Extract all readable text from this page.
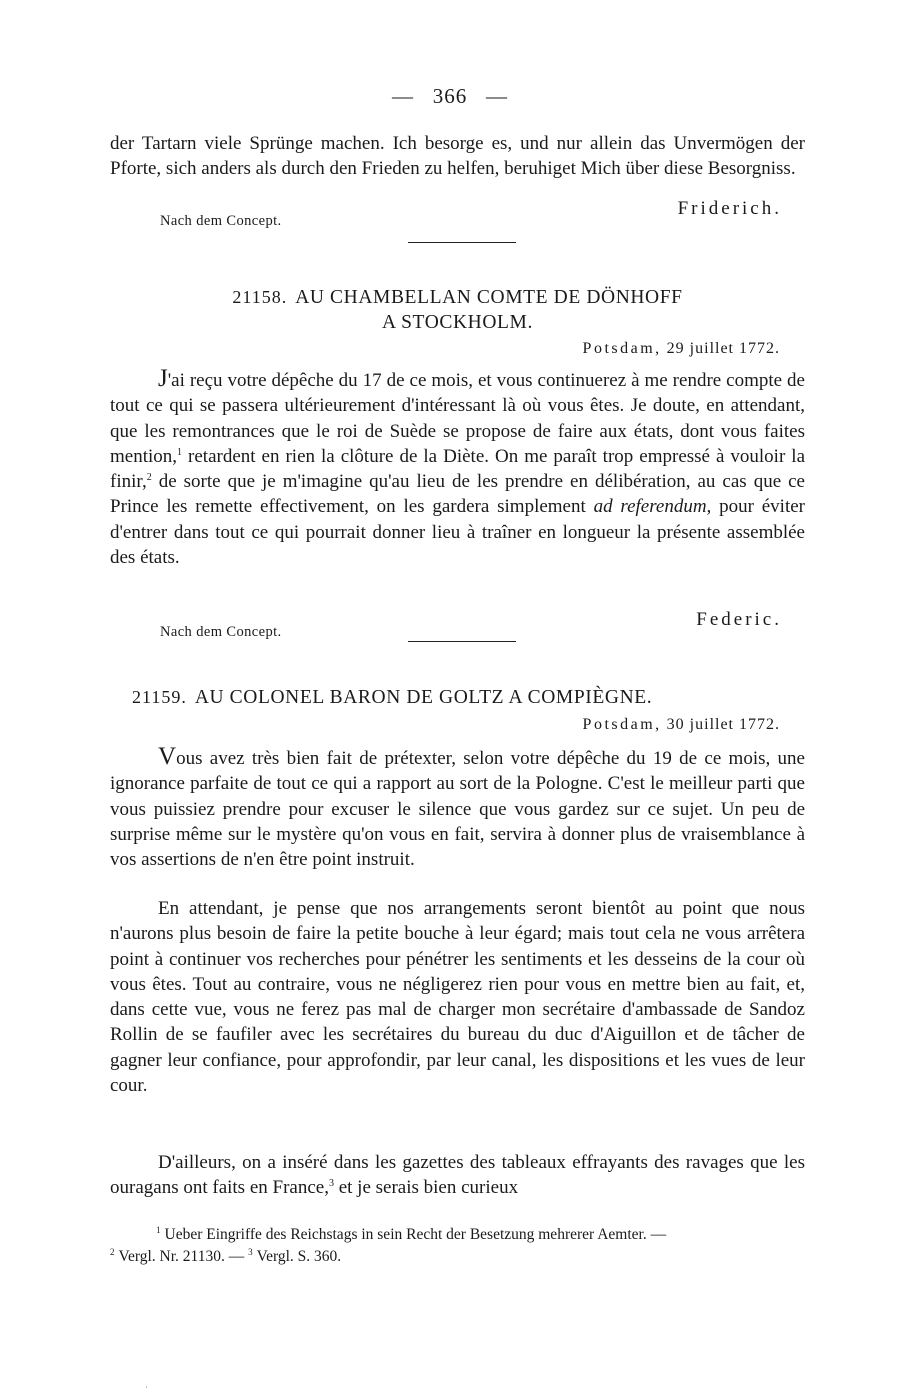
— 366 —

der Tartarn viele Sprünge machen. Ich besorge es, und nur allein das Unvermögen der Pforte, sich anders als durch den Frieden zu helfen, beruhiget Mich über diese Besorgniss.

Friderich.
Nach dem Concept.
21158. AU CHAMBELLAN COMTE DE DÖNHOFF
A STOCKHOLM.
Potsdam, 29 juillet 1772.

J'ai reçu votre dépêche du 17 de ce mois, et vous continuerez à me rendre compte de tout ce qui se passera ultérieurement d'intéressant là où vous êtes. Je doute, en attendant, que les remontrances que le roi de Suède se propose de faire aux états, dont vous faites mention,$^1$ retardent en rien la clôture de la Diète. On me paraît trop empressé à vouloir la finir,$^2$ de sorte que je m'imagine qu'au lieu de les prendre en délibération, au cas que ce Prince les remette effectivement, on les gardera simplement ad referendum, pour éviter d'entrer dans tout ce qui pourrait donner lieu à traîner en longueur la présente assemblée des états.

Federic.
Nach dem Concept.
21159. AU COLONEL BARON DE GOLTZ A COMPIÈGNE.
Potsdam, 30 juillet 1772.

Vous avez très bien fait de prétexter, selon votre dépêche du 19 de ce mois, une ignorance parfaite de tout ce qui a rapport au sort de la Pologne. C'est le meilleur parti que vous puissiez prendre pour excuser le silence que vous gardez sur ce sujet. Un peu de surprise même sur le mystère qu'on vous en fait, servira à donner plus de vraisemblance à vos assertions de n'en être point instruit.

En attendant, je pense que nos arrangements seront bientôt au point que nous n'aurons plus besoin de faire la petite bouche à leur égard; mais tout cela ne vous arrêtera point à continuer vos recherches pour pénétrer les sentiments et les desseins de la cour où vous êtes. Tout au contraire, vous ne négligerez rien pour vous en mettre bien au fait, et, dans cette vue, vous ne ferez pas mal de charger mon secrétaire d'ambassade de Sandoz Rollin de se faufiler avec les secrétaires du bureau du duc d'Aiguillon et de tâcher de gagner leur confiance, pour approfondir, par leur canal, les dispositions et les vues de leur cour.

D'ailleurs, on a inséré dans les gazettes des tableaux effrayants des ravages que les ouragans ont faits en France,$^3$ et je serais bien curieux

$^1$ Ueber Eingriffe des Reichstags in sein Recht der Besetzung mehrerer Aemter. —
$^2$ Vergl. Nr. 21130. — $^3$ Vergl. S. 360.
·
